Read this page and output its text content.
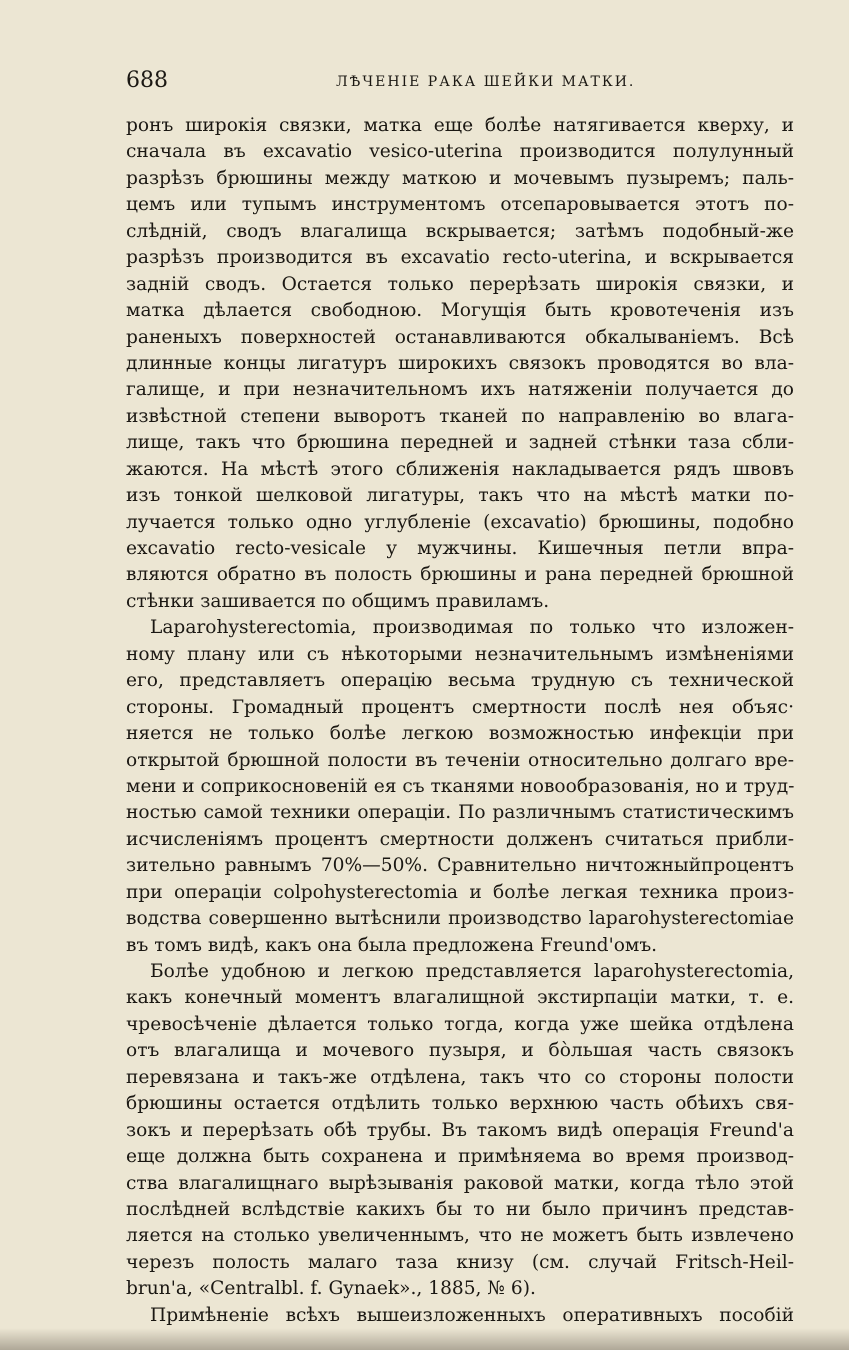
688	ЛѢЧЕНІЕ РАКА ШЕЙКИ МАТКИ.
ронъ широкія связки, матка еще болѣе натягивается кверху, и
сначала въ excavatio vesico-uterina производится полулунный
разрѣзъ брюшины между маткою и мочевымъ пузыремъ; паль-
цемъ или тупымъ инструментомъ отсепаровывается этотъ по-
слѣдній, сводъ влагалища вскрывается; затѣмъ подобный-же
разрѣзъ производится въ excavatio recto-uterina, и вскрывается
задній сводъ. Остается только перерѣзать широкія связки, и
матка дѣлается свободною. Могущія быть кровотеченія изъ
раненыхъ поверхностей останавливаются обкалываніемъ. Всѣ
длинные концы лигатуръ широкихъ связокъ проводятся во вла-
галище, и при незначительномъ ихъ натяженіи получается до
извѣстной степени выворотъ тканей по направленію во влага-
лище, такъ что брюшина передней и задней стѣнки таза сбли-
жаются. На мѣстѣ этого сближенія накладывается рядъ швовъ
изъ тонкой шелковой лигатуры, такъ что на мѣстѣ матки по-
лучается только одно углубленіе (excavatio) брюшины, подобно
excavatio recto-vesicale у мужчины. Кишечныя петли впра-
вляются обратно въ полость брюшины и рана передней брюшной
стѣнки зашивается по общимъ правиламъ.
Laparohysterectomia, производимая по только что изложен-
ному плану или съ нѣкоторыми незначительнымъ измѣненіями
его, представляетъ операцію весьма трудную съ технической
стороны. Громадный процентъ смертности послѣ нея объяс·
няется не только болѣе легкою возможностью инфекціи при
открытой брюшной полости въ теченіи относительно долгаго вре-
мени и соприкосновеній ея съ тканями новообразованія, но и труд-
ностью самой техники операціи. По различнымъ статистическимъ
исчисленіямъ процентъ смертности долженъ считаться прибли-
зительно равнымъ 70%—50%. Сравнительно ничтожныйпроцентъ
при операціи colpohysterectomia и болѣе легкая техника произ-
водства совершенно вытѣснили производство laparohysterectomiae
въ томъ видѣ, какъ она была предложена Freund'омъ.
Болѣе удобною и легкою представляется laparohysterectomia,
какъ конечный моментъ влагалищной экстирпаціи матки, т. е.
чревосѣченіе дѣлается только тогда, когда уже шейка отдѣлена
отъ влагалища и мочевого пузыря, и бо̀льшая часть связокъ
перевязана и такъ-же отдѣлена, такъ что со стороны полости
брюшины остается отдѣлить только верхнюю часть обѣихъ свя-
зокъ и перерѣзать обѣ трубы. Въ такомъ видѣ операція Freund'а
еще должна быть сохранена и примѣняема во время производ-
ства влагалищнаго вырѣзыванія раковой матки, когда тѣло этой
послѣдней вслѣдствіе какихъ бы то ни было причинъ представ-
ляется на столько увеличеннымъ, что не можетъ быть извлечено
черезъ полость малаго таза книзу (см. случай Fritsch-Heil-
brun'а, «Centralbl. f. Gynaek»., 1885, № 6).
Примѣненіе всѣхъ вышеизложенныхъ оперативныхъ пособій
